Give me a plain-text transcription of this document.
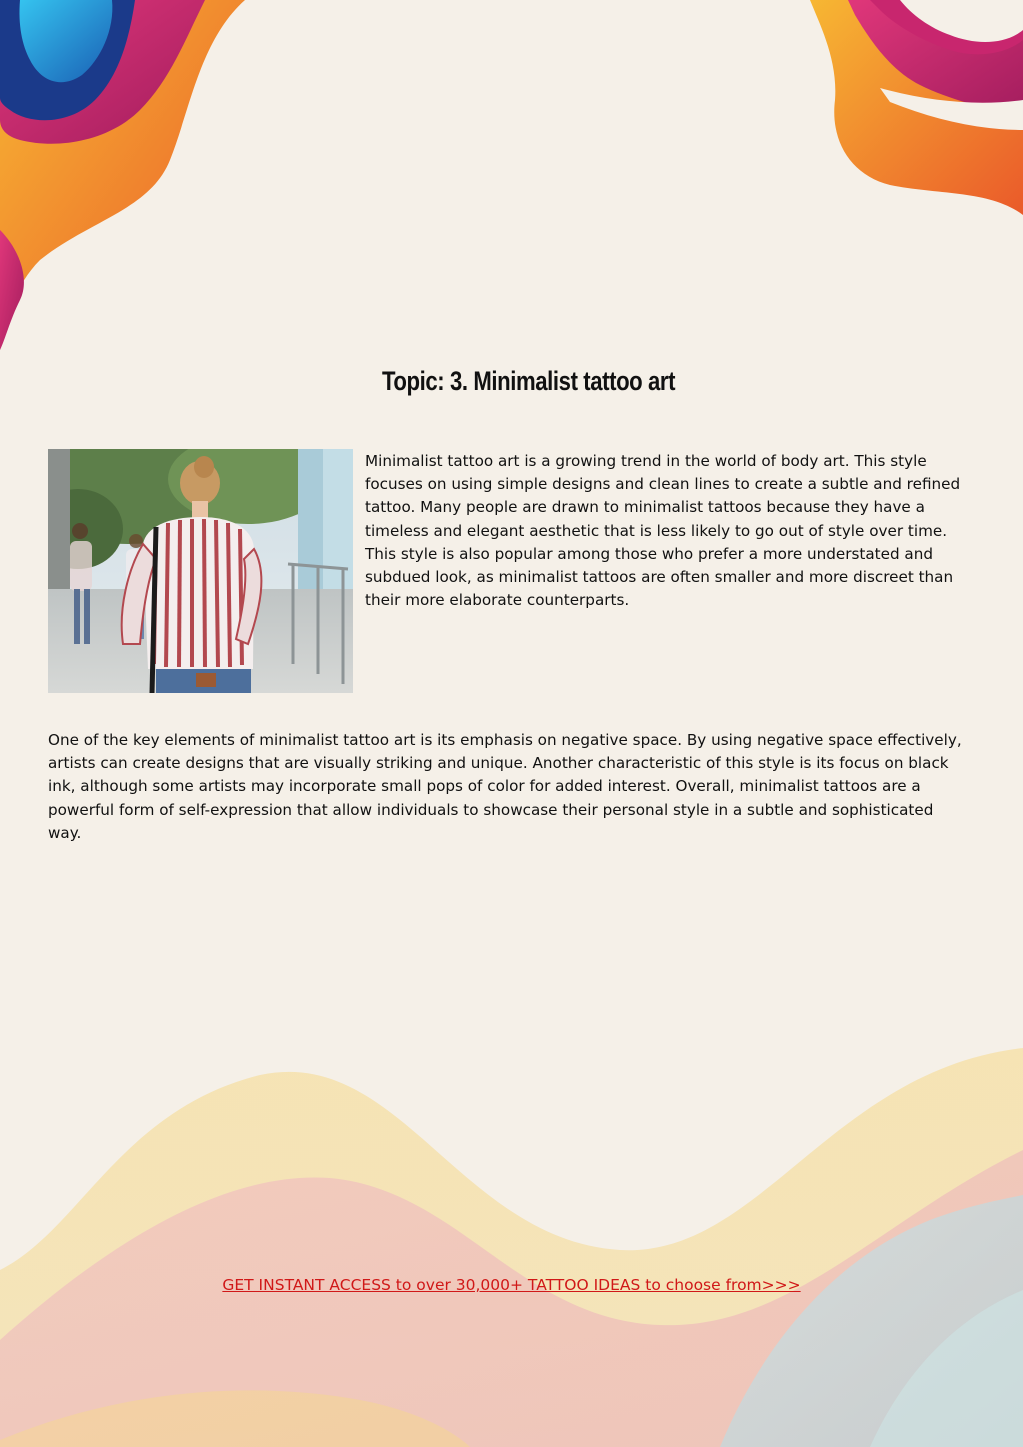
Topic: 3. Minimalist tattoo art

Minimalist tattoo art is a growing trend in the world of body art. This style focuses on using simple designs and clean lines to create a subtle and refined tattoo. Many people are drawn to minimalist tattoos because they have a timeless and elegant aesthetic that is less likely to go out of style over time. This style is also popular among those who prefer a more understated and subdued look, as minimalist tattoos are often smaller and more discreet than their more elaborate counterparts.

One of the key elements of minimalist tattoo art is its emphasis on negative space. By using negative space effectively, artists can create designs that are visually striking and unique. Another characteristic of this style is its focus on black ink, although some artists may incorporate small pops of color for added interest. Overall, minimalist tattoos are a powerful form of self-expression that allow individuals to showcase their personal style in a subtle and sophisticated way.

GET INSTANT ACCESS to over 30,000+ TATTOO IDEAS to choose from>>>
